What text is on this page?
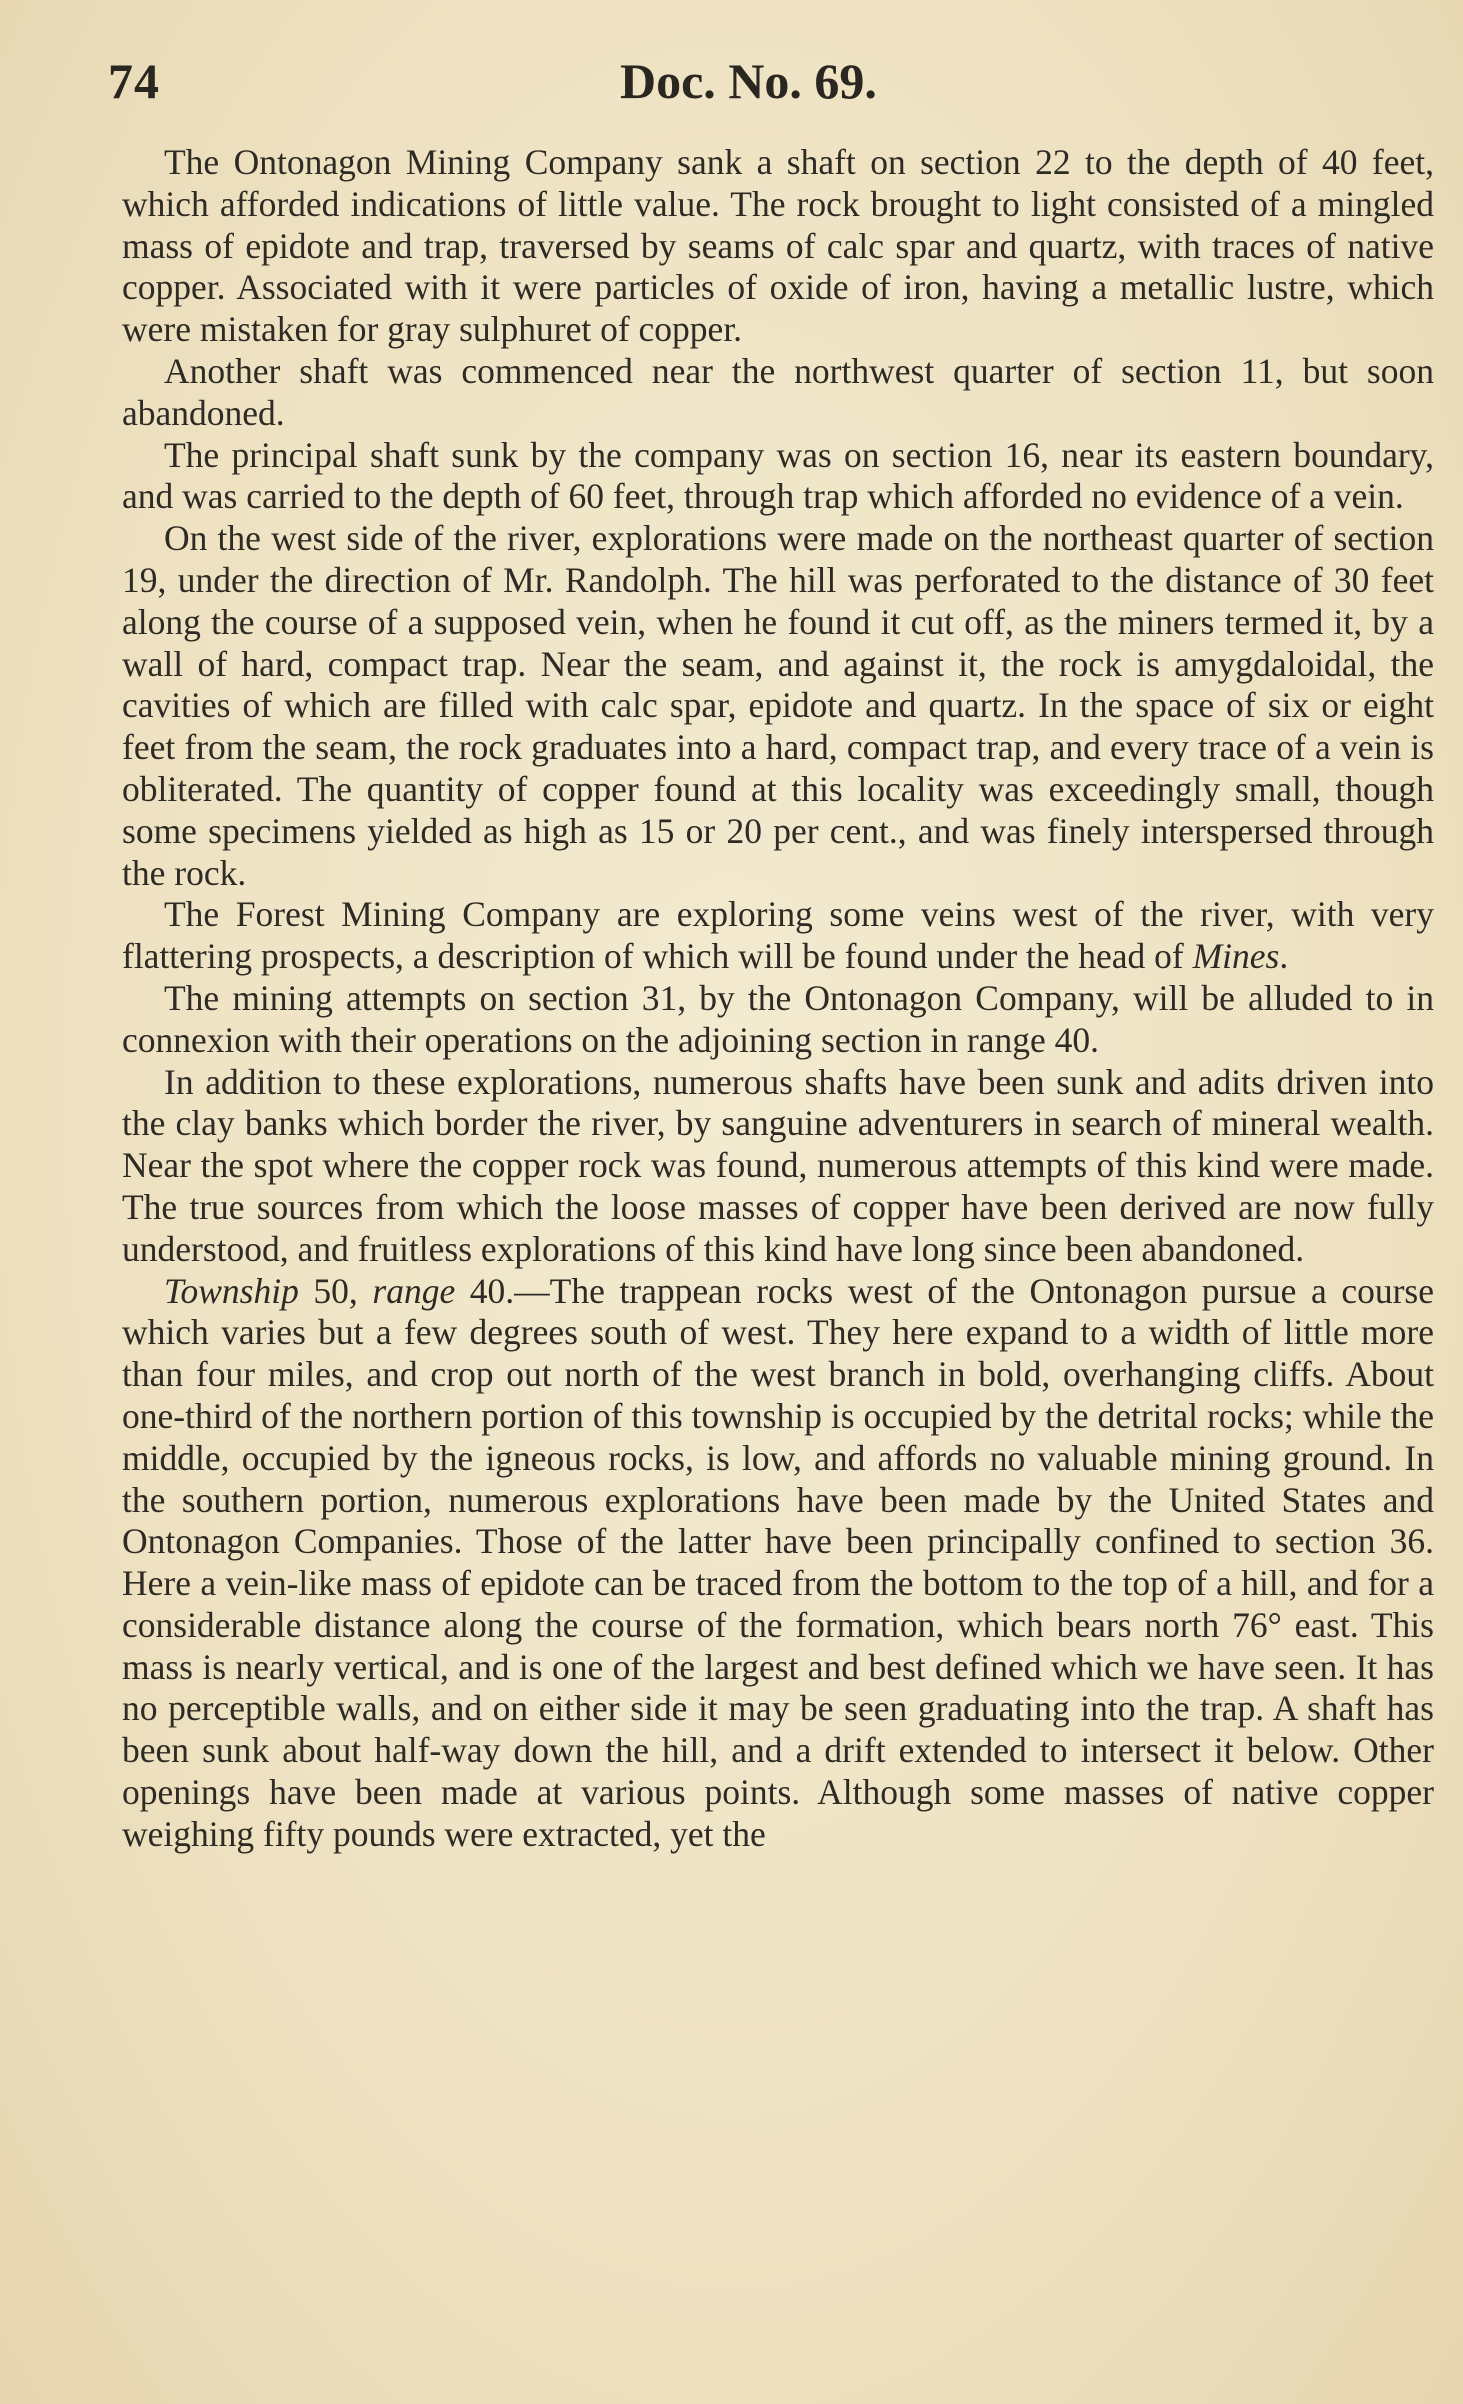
74	Doc. No. 69.

The Ontonagon Mining Company sank a shaft on section 22 to the depth of 40 feet, which afforded indications of little value. The rock brought to light consisted of a mingled mass of epidote and trap, traversed by seams of calc spar and quartz, with traces of native copper. Associated with it were particles of oxide of iron, having a metallic lustre, which were mistaken for gray sulphuret of copper.

Another shaft was commenced near the northwest quarter of section 11, but soon abandoned.

The principal shaft sunk by the company was on section 16, near its eastern boundary, and was carried to the depth of 60 feet, through trap which afforded no evidence of a vein.

On the west side of the river, explorations were made on the northeast quarter of section 19, under the direction of Mr. Randolph. The hill was perforated to the distance of 30 feet along the course of a supposed vein, when he found it cut off, as the miners termed it, by a wall of hard, compact trap. Near the seam, and against it, the rock is amygdaloidal, the cavities of which are filled with calc spar, epidote and quartz. In the space of six or eight feet from the seam, the rock graduates into a hard, compact trap, and every trace of a vein is obliterated. The quantity of copper found at this locality was exceedingly small, though some specimens yielded as high as 15 or 20 per cent., and was finely interspersed through the rock.

The Forest Mining Company are exploring some veins west of the river, with very flattering prospects, a description of which will be found under the head of Mines.

The mining attempts on section 31, by the Ontonagon Company, will be alluded to in connexion with their operations on the adjoining section in range 40.

In addition to these explorations, numerous shafts have been sunk and adits driven into the clay banks which border the river, by sanguine adventurers in search of mineral wealth. Near the spot where the copper rock was found, numerous attempts of this kind were made. The true sources from which the loose masses of copper have been derived are now fully understood, and fruitless explorations of this kind have long since been abandoned.

Township 50, range 40.—The trappean rocks west of the Ontonagon pursue a course which varies but a few degrees south of west. They here expand to a width of little more than four miles, and crop out north of the west branch in bold, overhanging cliffs. About one-third of the northern portion of this township is occupied by the detrital rocks; while the middle, occupied by the igneous rocks, is low, and affords no valuable mining ground. In the southern portion, numerous explorations have been made by the United States and Ontonagon Companies. Those of the latter have been principally confined to section 36. Here a vein-like mass of epidote can be traced from the bottom to the top of a hill, and for a considerable distance along the course of the formation, which bears north 76° east. This mass is nearly vertical, and is one of the largest and best defined which we have seen. It has no perceptible walls, and on either side it may be seen graduating into the trap. A shaft has been sunk about half-way down the hill, and a drift extended to intersect it below. Other openings have been made at various points. Although some masses of native copper weighing fifty pounds were extracted, yet the
